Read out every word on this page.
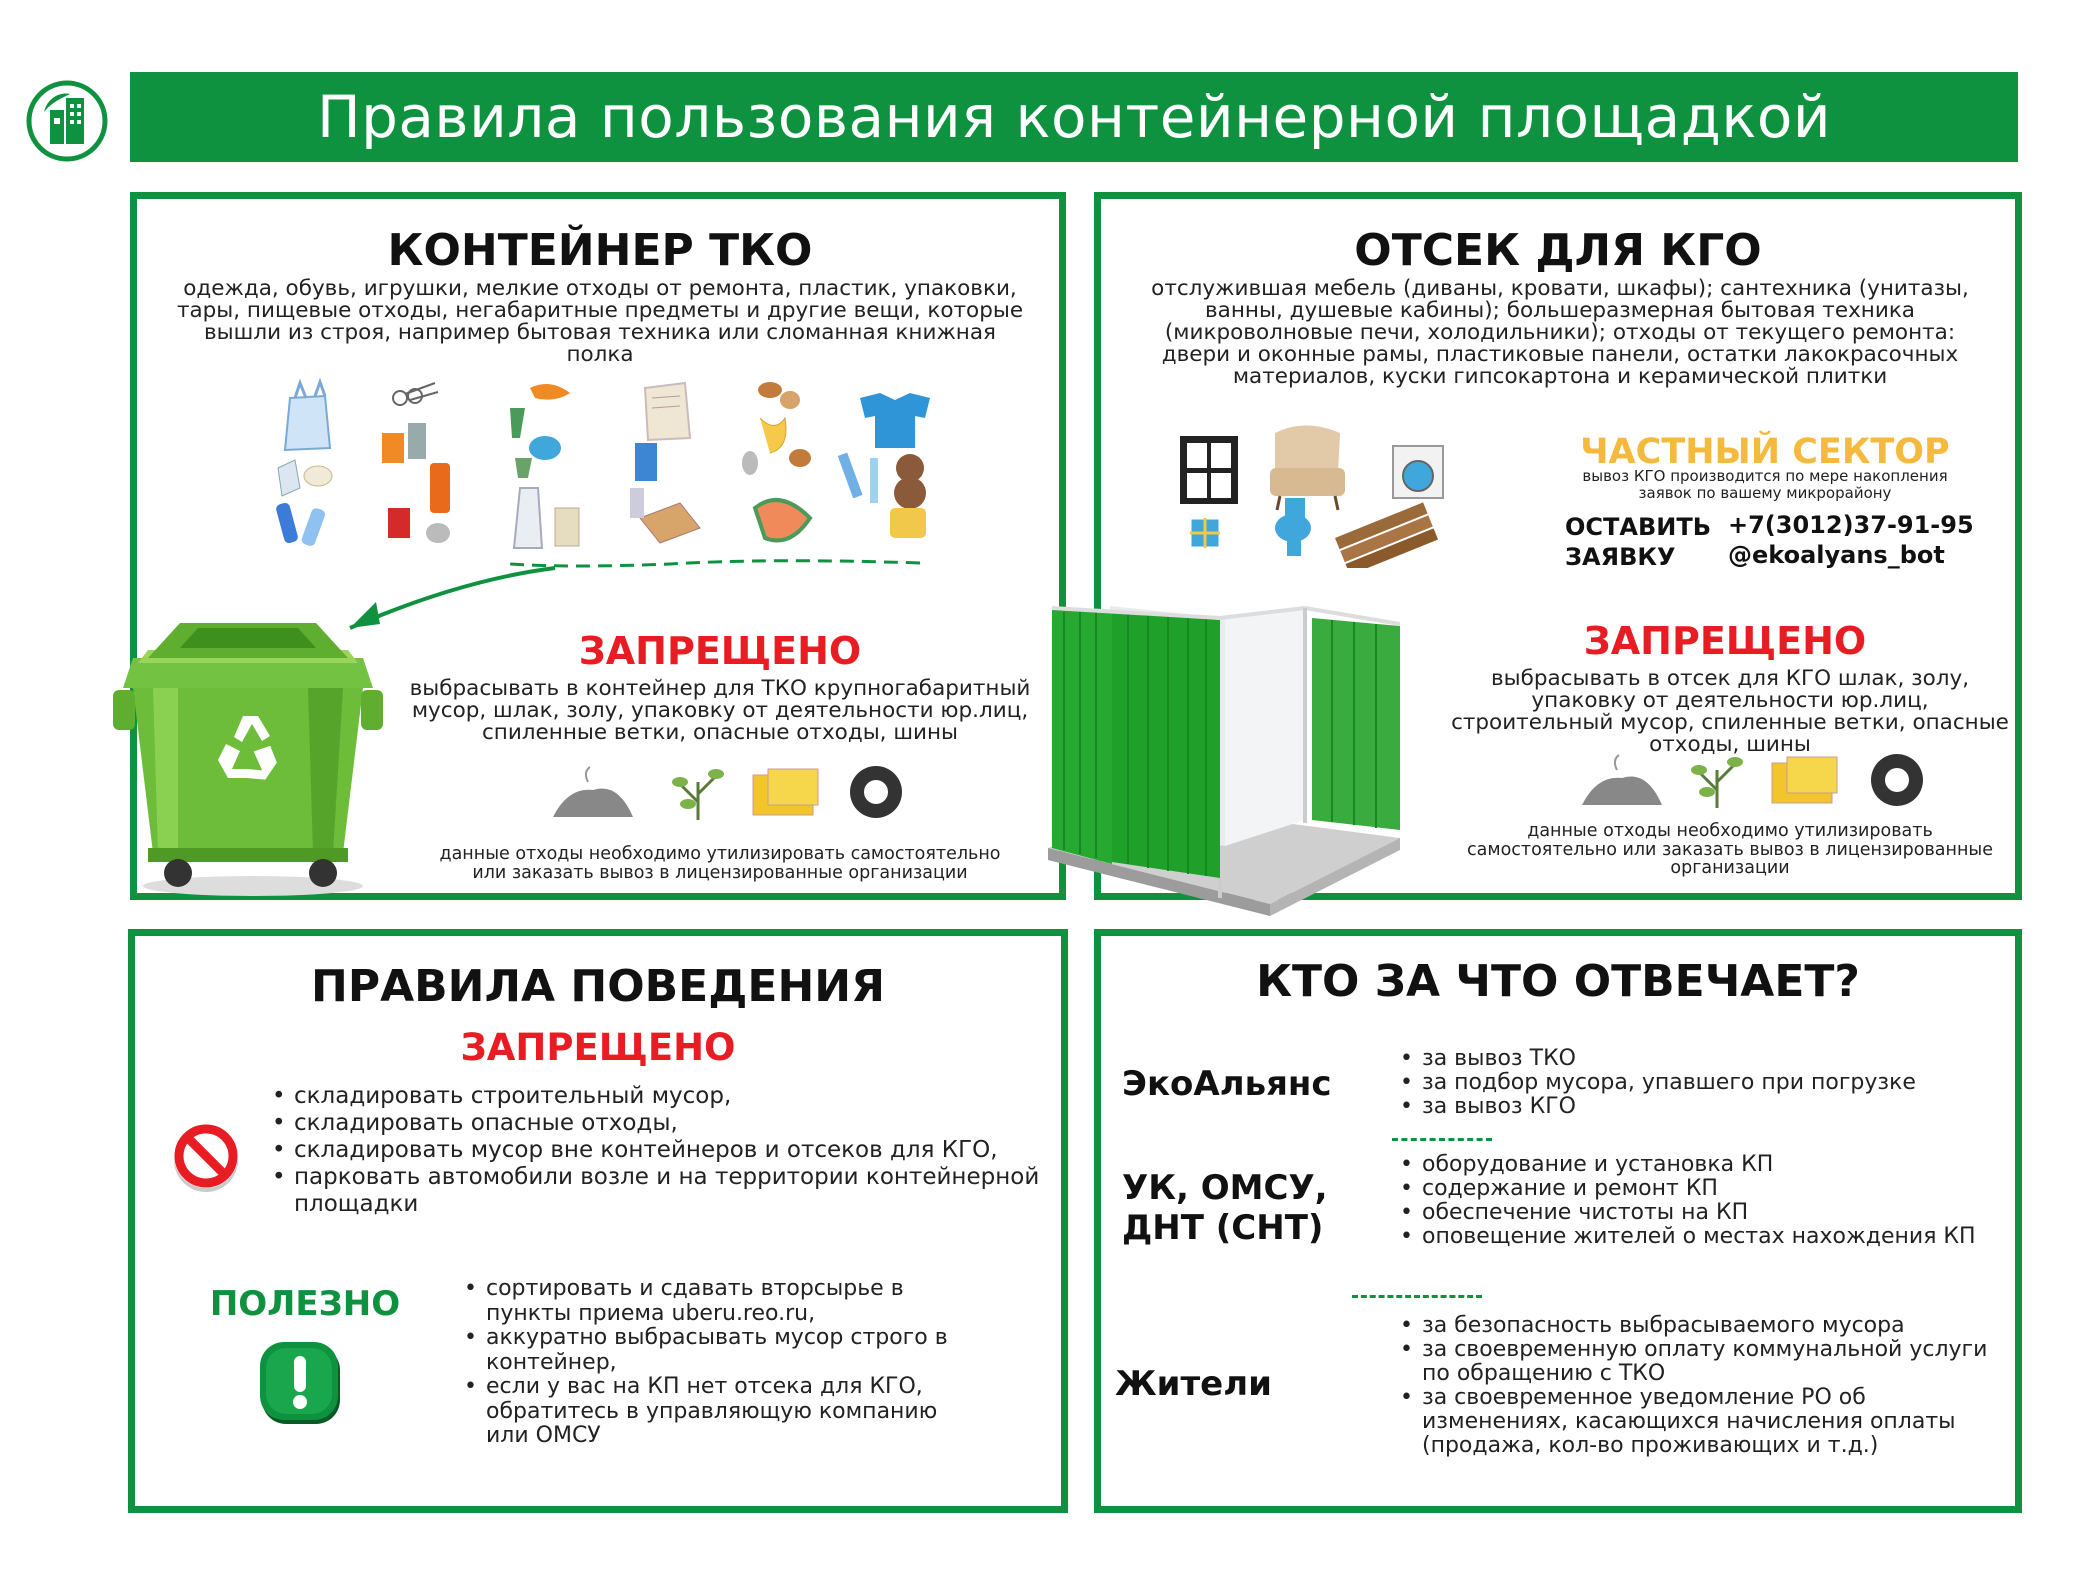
Правила пользования контейнерной площадкой
КОНТЕЙНЕР ТКО
одежда, обувь, игрушки, мелкие отходы от ремонта, пластик, упаковки, тары, пищевые отходы, негабаритные предметы и другие вещи, которые вышли из строя, например бытовая техника или сломанная книжная полка
ЗАПРЕЩЕНО
выбрасывать в контейнер для ТКО крупногабаритный мусор, шлак, золу, упаковку от деятельности юр.лиц, спиленные ветки, опасные отходы, шины
данные отходы необходимо утилизировать самостоятельно или заказать вывоз в лицензированные организации
ОТСЕК ДЛЯ КГО
отслужившая мебель (диваны, кровати, шкафы); сантехника (унитазы, ванны, душевые кабины); большеразмерная бытовая техника (микроволновые печи, холодильники); отходы от текущего ремонта: двери и оконные рамы, пластиковые панели, остатки лакокрасочных материалов, куски гипсокартона и керамической плитки
ЧАСТНЫЙ СЕКТОР
вывоз КГО производится по мере накопления заявок по вашему микрорайону
ОСТАВИТЬ
ЗАЯВКУ
+7(3012)37-91-95
@ekoalyans_bot
ЗАПРЕЩЕНО
выбрасывать в отсек для КГО шлак, золу, упаковку от деятельности юр.лиц, строительный мусор, спиленные ветки, опасные отходы, шины
данные отходы необходимо утилизировать самостоятельно или заказать вывоз в лицензированные организации
ПРАВИЛА ПОВЕДЕНИЯ
ЗАПРЕЩЕНО
• складировать строительный мусор,
• складировать опасные отходы,
• складировать мусор вне контейнеров и отсеков для КГО,
• парковать автомобили возле и на территории контейнерной площадки
ПОЛЕЗНО
•	сортировать и сдавать вторсырье в пункты приема uberu.reo.ru,
• аккуратно выбрасывать мусор строго в контейнер,
• если у вас на КП нет отсека для КГО, обратитесь в управляющую компанию или ОМСУ
КТО ЗА ЧТО ОТВЕЧАЕТ?
ЭкоАльянс
• за вывоз ТКО
• за подбор мусора, упавшего при погрузке
• за вывоз КГО
УК, ОМСУ, ДНТ (СНТ)
• оборудование и установка КП
• содержание и ремонт КП
• обеспечение чистоты на КП
• оповещение жителей о местах нахождения КП
Жители
• за безопасность выбрасываемого мусора
• за своевременную оплату коммунальной услуги по обращению с ТКО
• за своевременное уведомление РО об изменениях, касающихся начисления оплаты (продажа, кол-во проживающих и т.д.)
